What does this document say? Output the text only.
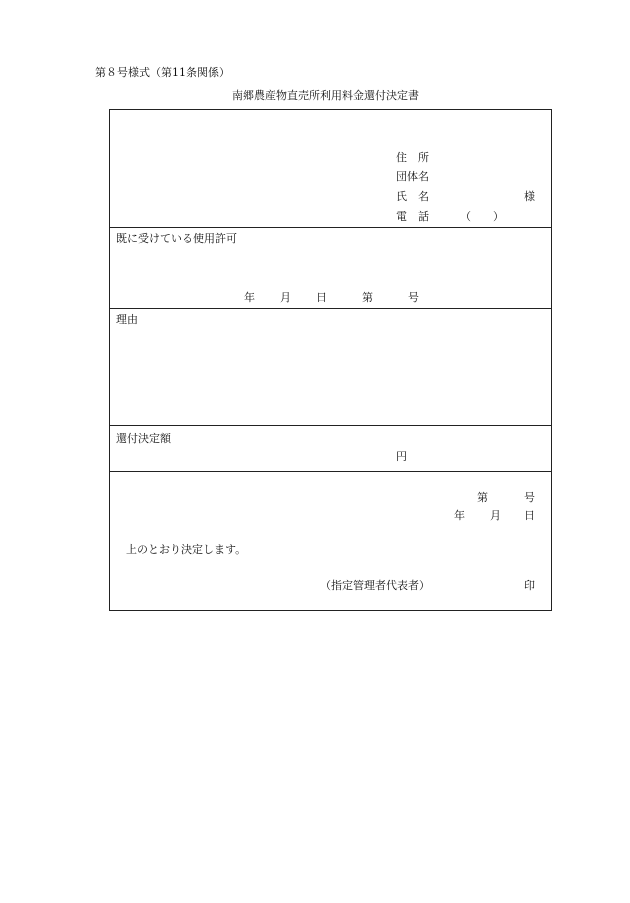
第８号様式（第11条関係）
南郷農産物直売所利用料金還付決定書
住　所
団体名
氏　名	様
電　話	（　　）
既に受けている使用許可
年 月 日	第	号
理由
還付決定額
円
第	号
年 月 日
上のとおり決定します。
（指定管理者代表者）	印
